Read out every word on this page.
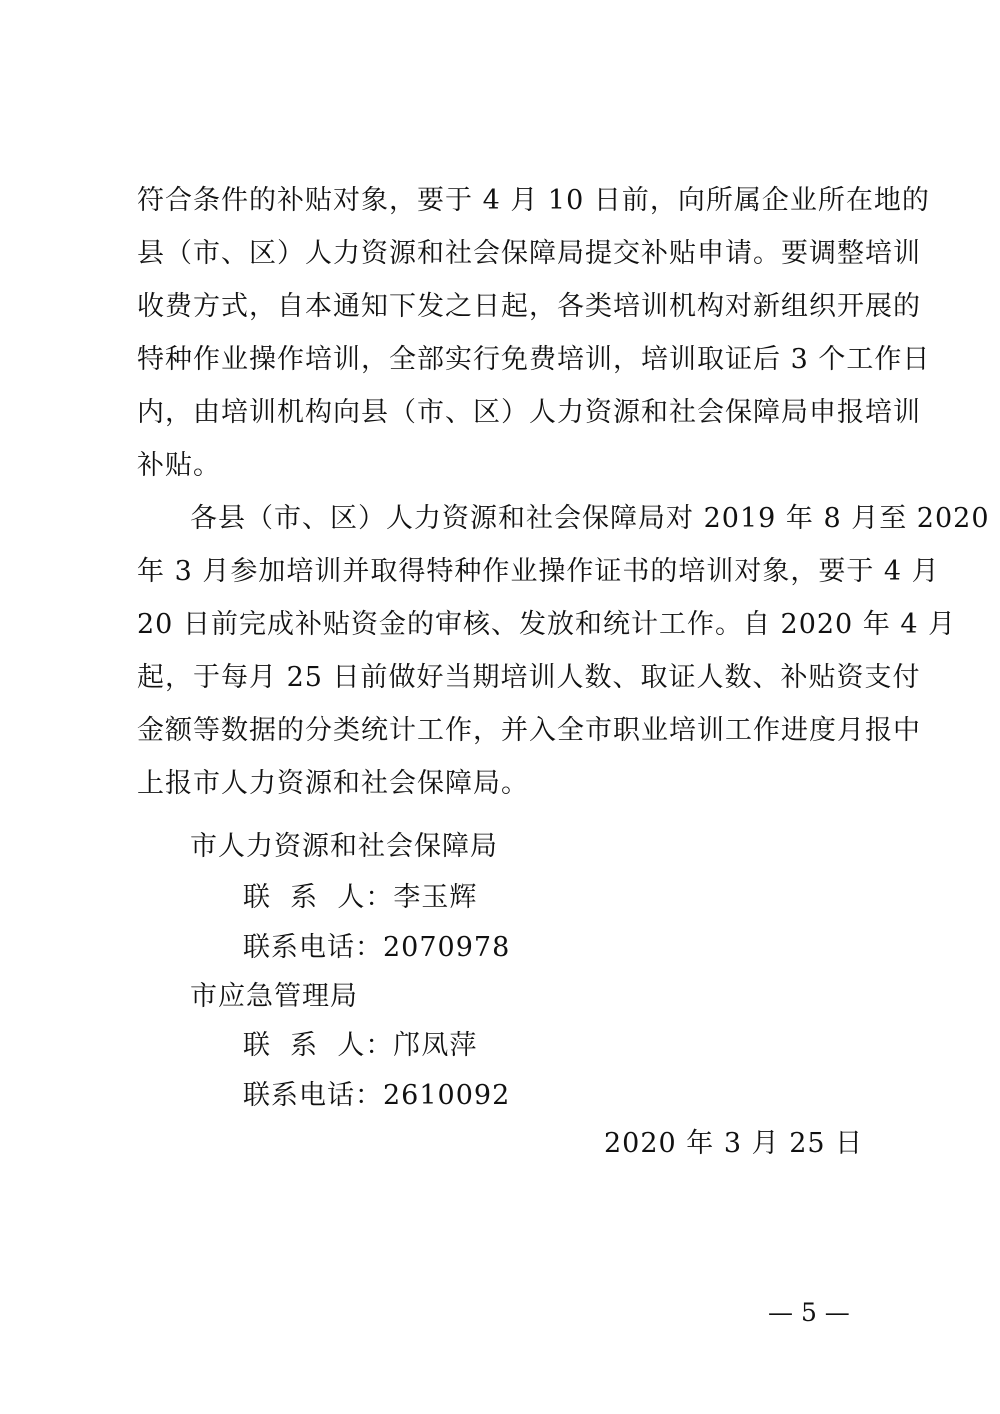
符合条件的补贴对象，要于 4 月 10 日前，向所属企业所在地的
县（市、区）人力资源和社会保障局提交补贴申请。要调整培训
收费方式，自本通知下发之日起，各类培训机构对新组织开展的
特种作业操作培训，全部实行免费培训，培训取证后 3 个工作日
内，由培训机构向县（市、区）人力资源和社会保障局申报培训
补贴。
各县（市、区）人力资源和社会保障局对 2019 年 8 月至 2020
年 3 月参加培训并取得特种作业操作证书的培训对象，要于 4 月
20 日前完成补贴资金的审核、发放和统计工作。自 2020 年 4 月
起，于每月 25 日前做好当期培训人数、取证人数、补贴资支付
金额等数据的分类统计工作，并入全市职业培训工作进度月报中
上报市人力资源和社会保障局。
市人力资源和社会保障局
联  系  人：李玉辉
联系电话：2070978
市应急管理局
联  系  人：邝凤萍
联系电话：2610092
2020 年 3 月 25 日
— 5 —
